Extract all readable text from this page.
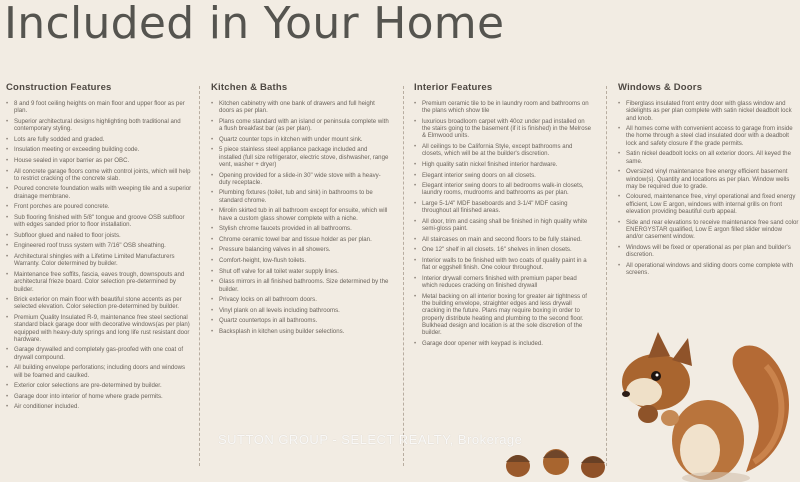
Included in Your Home
Construction Features
• 8 and 9 foot ceiling heights on main floor and upper floor as per plan.
• Superior architectural designs highlighting both traditional and contemporary styling.
• Lots are fully sodded and graded.
• Insulation meeting or exceeding building code.
• House sealed in vapor barrier as per OBC.
• All concrete garage floors come with control joints, which will help to restrict cracking of the concrete slab.
• Poured concrete foundation walls with weeping tile and a superior drainage membrane.
• Front porches are poured concrete.
• Sub flooring finished with 5/8" tongue and groove OSB subfloor with edges sanded prior to floor installation.
• Subfloor glued and nailed to floor joists.
• Engineered roof truss system with 7/16" OSB sheathing.
• Architectural shingles with a Lifetime Limited Manufacturers Warranty. Color determined by builder.
• Maintenance free soffits, fascia, eaves trough, downspouts and architectural frieze board. Color selection pre-determined by builder.
• Brick exterior on main floor with beautiful stone accents as per selected elevation. Color selection pre-determined by builder.
• Premium Quality Insulated R-9, maintenance free steel sectional standard black garage door with decorative windows(as per plan) equipped with heavy-duty springs and long life rust resistant door hardware.
• Garage drywalled and completely gas-proofed with one coat of drywall compound.
• All building envelope perforations; including doors and windows will be foamed and caulked.
• Exterior color selections are pre-determined by builder.
• Garage door into interior of home where grade permits.
• Air conditioner included.
Kitchen & Baths
• Kitchen cabinetry with one bank of drawers and full height doors as per plan.
• Plans come standard with an island or peninsula complete with a flush breakfast bar (as per plan).
• Quartz counter tops in kitchen with under mount sink.
• 5 piece stainless steel appliance package included and installed (full size refrigerator, electric stove, dishwasher, range vent, washer + dryer)
• Opening provided for a slide-in 30" wide stove with a heavy-duty receptacle.
• Plumbing fixtures (toilet, tub and sink) in bathrooms to be standard chrome.
• Mirolin skirted tub in all bathroom except for ensuite, which will have a custom glass shower complete with a niche.
• Stylish chrome faucets provided in all bathrooms.
• Chrome ceramic towel bar and tissue holder as per plan.
• Pressure balancing valves in all showers.
• Comfort-height, low-flush toilets.
• Shut off valve for all toilet water supply lines.
• Glass mirrors in all finished bathrooms. Size determined by the builder.
• Privacy locks on all bathroom doors.
• Vinyl plank on all levels including bathrooms.
• Quartz countertops in all bathrooms.
• Backsplash in kitchen using builder selections.
Interior Features
• Premium ceramic tile to be in laundry room and bathrooms on the plans which show tile
• luxurious broadloom carpet with 40oz under pad installed on the stairs going to the basement (if it is finished) in the Melrose & Elmwood units.
• All ceilings to be California Style, except bathrooms and closets, which will be at the builder's discretion.
• High quality satin nickel finished interior hardware.
• Elegant interior swing doors on all closets.
• Elegant interior swing doors to all bedrooms walk-in closets, laundry rooms, mudrooms and bathrooms as per plan.
• Large 5-1/4" MDF baseboards and 3-1/4" MDF casing throughout all finished areas.
• All door, trim and casing shall be finished in high quality white semi-gloss paint.
• All staircases on main and second floors to be fully stained.
• One 12" shelf in all closets. 16" shelves in linen closets.
• Interior walls to be finished with two coats of quality paint in a flat or eggshell finish. One colour throughout.
• Interior drywall corners finished with premium paper bead which reduces cracking on finished drywall
• Metal backing on all interior boxing for greater air tightness of the building envelope, straighter edges and less drywall cracking in the future. Plans may require boxing in order to properly distribute heating and plumbing to the second floor. Bulkhead design and location is at the sole discretion of the builder.
• Garage door opener with keypad is included.
Windows & Doors
• Fiberglass insulated front entry door with glass window and sidelights as per plan complete with satin nickel deadbolt lock and knob.
• All homes come with convenient access to garage from inside the home through a steel clad insulated door with a deadbolt lock and safety closure if the grade permits.
• Satin nickel deadbolt locks on all exterior doors. All keyed the same.
• Oversized vinyl maintenance free energy efficient basement window(s). Quantity and locations as per plan. Window wells may be required due to grade.
• Coloured, maintenance free, vinyl operational and fixed energy efficient, Low E argon, windows with internal grills on front elevation providing beautiful curb appeal.
• Side and rear elevations to receive maintenance free sand color ENERGYSTAR qualified, Low E argon filled slider window and/or casement window.
• Windows will be fixed or operational as per plan and builder's discretion.
• All operational windows and sliding doors come complete with screens.
SUTTON GROUP - SELECT REALTY, Brokerage
